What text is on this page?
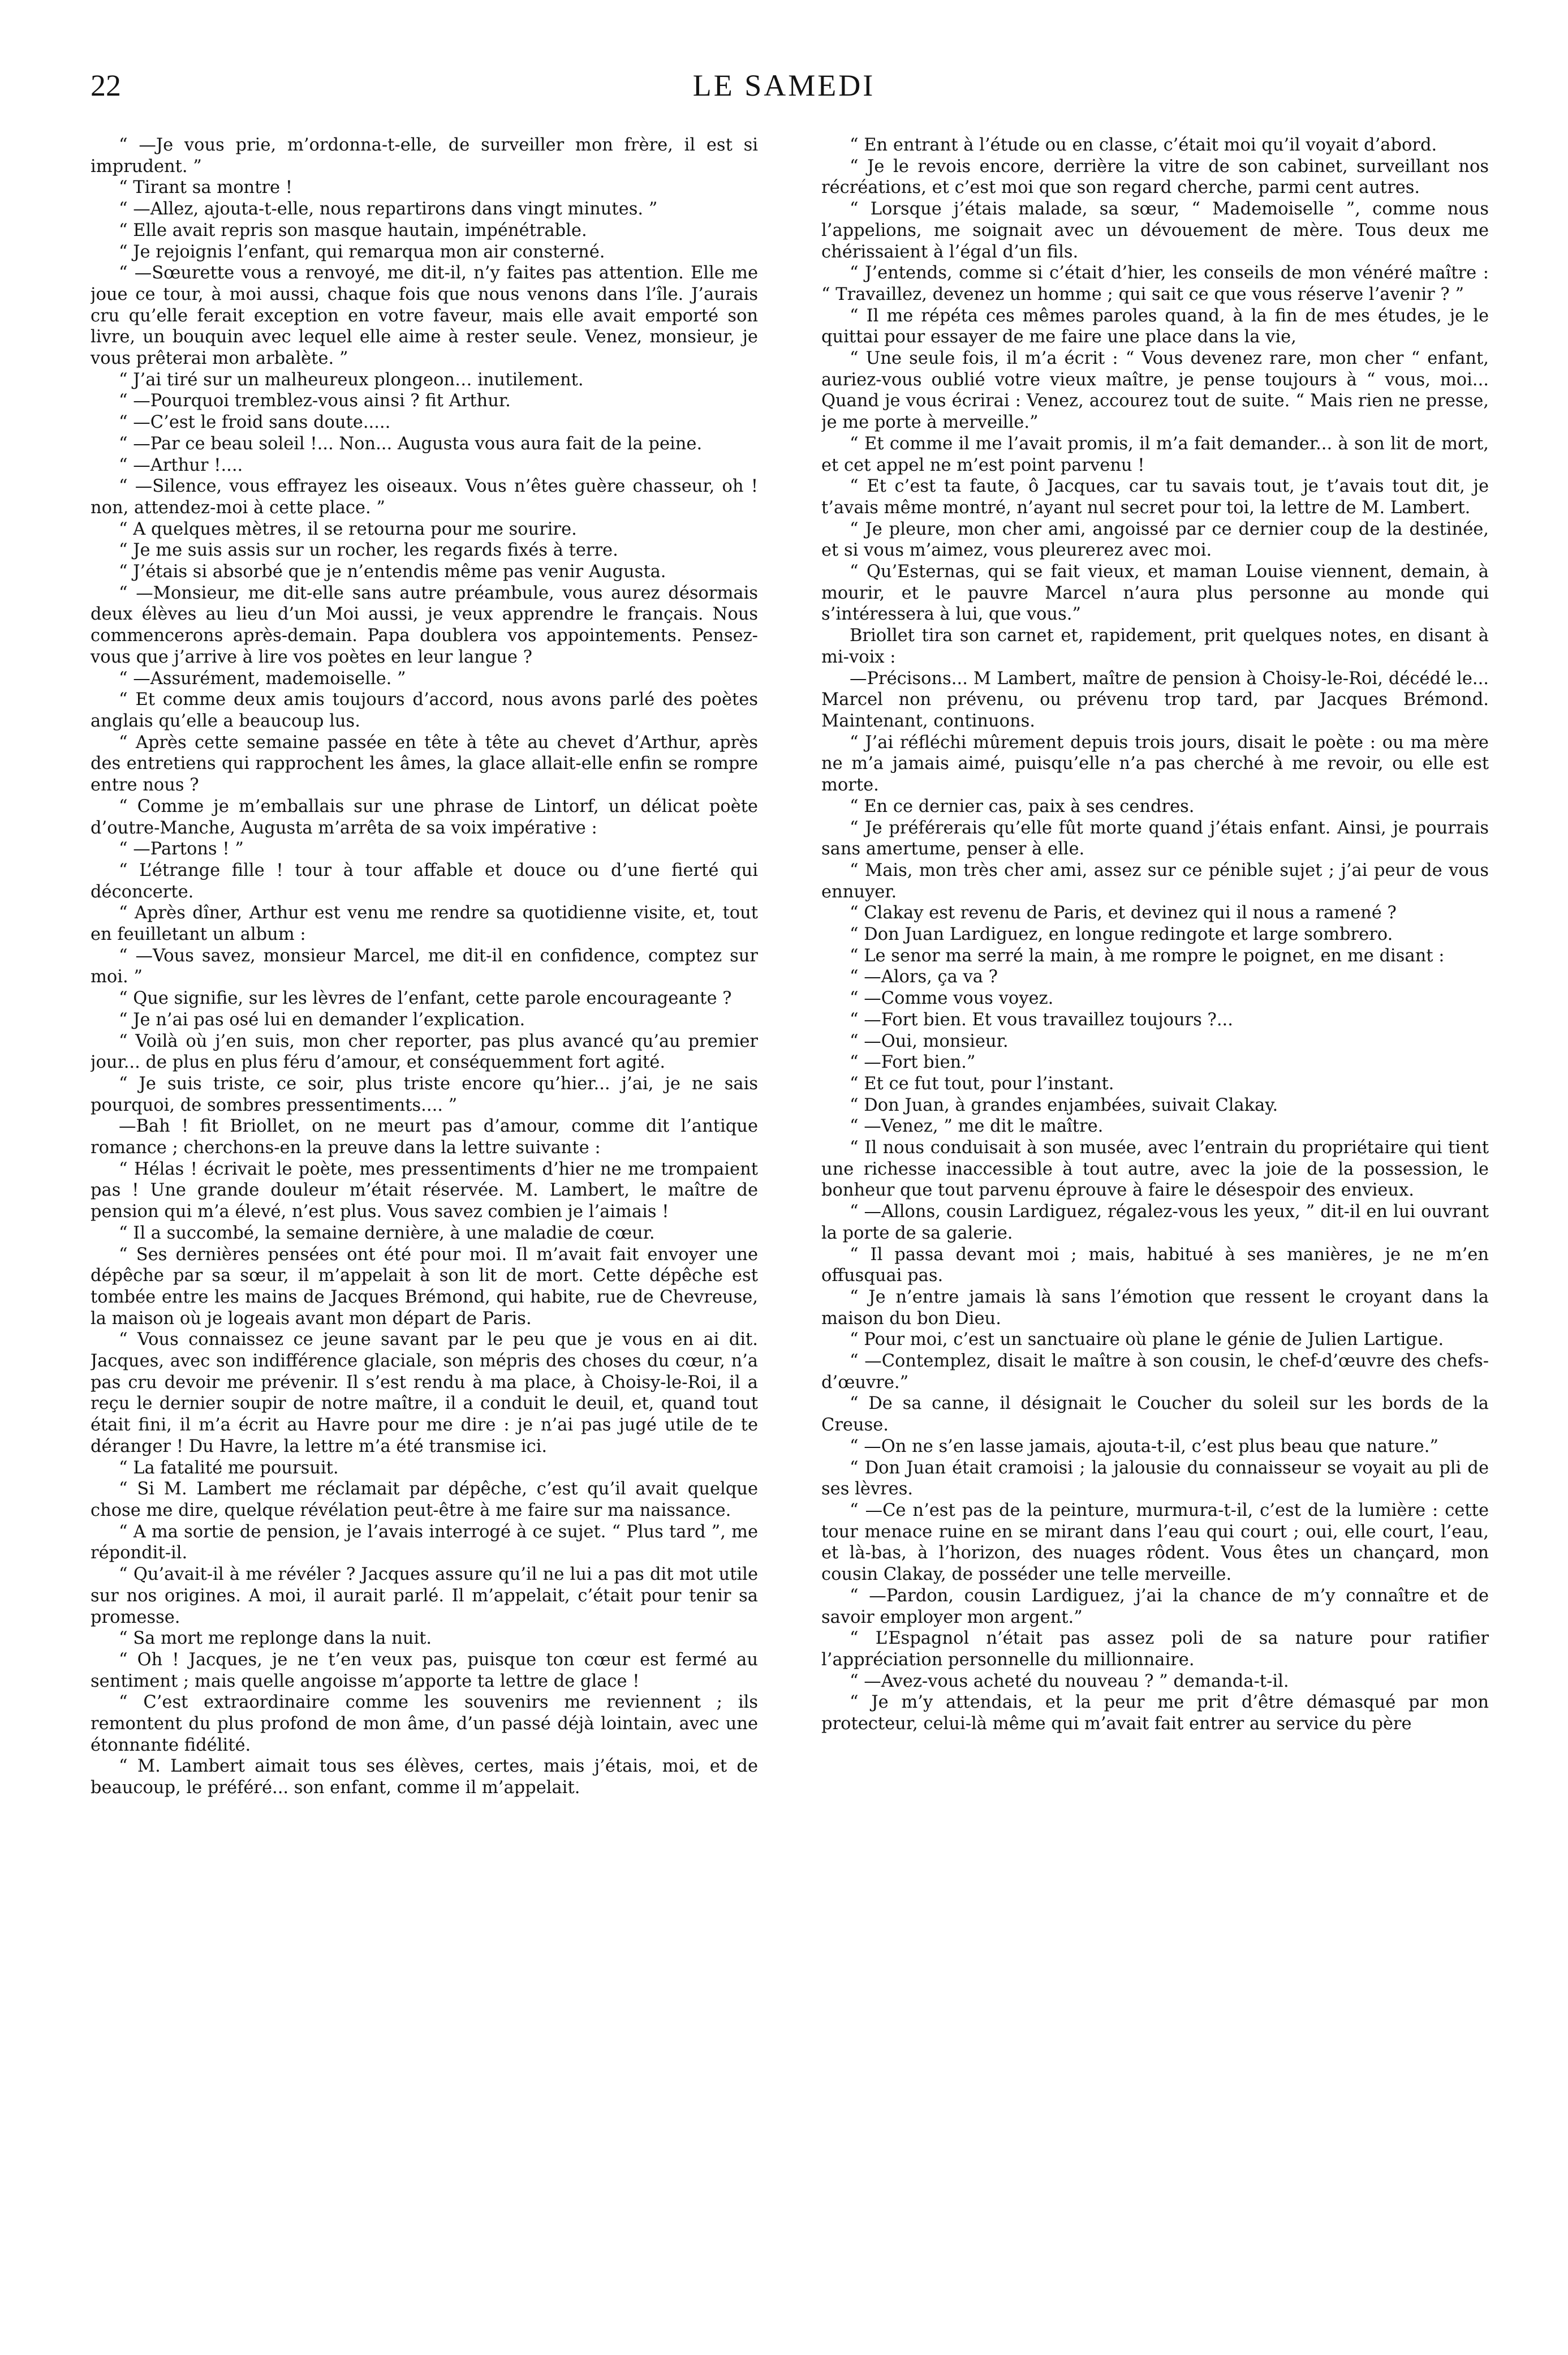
22	LE SAMEDI

“ —Je vous prie, m’ordonna-t-elle, de surveiller mon frère, il est si imprudent. ”

“ Tirant sa montre !

“ —Allez, ajouta-t-elle, nous repartirons dans vingt minutes. ”

“ Elle avait repris son masque hautain, impénétrable.

“ Je rejoignis l’enfant, qui remarqua mon air consterné.

“ —Sœurette vous a renvoyé, me dit-il, n’y faites pas attention. Elle me joue ce tour, à moi aussi, chaque fois que nous venons dans l’île. J’aurais cru qu’elle ferait exception en votre faveur, mais elle avait emporté son livre, un bouquin avec lequel elle aime à rester seule. Venez, monsieur, je vous prêterai mon arbalète. ”

“ J’ai tiré sur un malheureux plongeon… inutilement.

“ —Pourquoi tremblez-vous ainsi ? fit Arthur.

“ —C’est le froid sans doute.....

“ —Par ce beau soleil !... Non... Augusta vous aura fait de la peine.

“ —Arthur !....

“ —Silence, vous effrayez les oiseaux. Vous n’êtes guère chasseur, oh ! non, attendez-moi à cette place. ”

“ A quelques mètres, il se retourna pour me sourire.

“ Je me suis assis sur un rocher, les regards fixés à terre.

“ J’étais si absorbé que je n’entendis même pas venir Augusta.

“ —Monsieur, me dit-elle sans autre préambule, vous aurez désormais deux élèves au lieu d’un Moi aussi, je veux apprendre le français. Nous commencerons après-demain. Papa doublera vos appointements. Pensez-vous que j’arrive à lire vos poètes en leur langue ?

“ —Assurément, mademoiselle. ”

“ Et comme deux amis toujours d’accord, nous avons parlé des poètes anglais qu’elle a beaucoup lus.

“ Après cette semaine passée en tête à tête au chevet d’Arthur, après des entretiens qui rapprochent les âmes, la glace allait-elle enfin se rompre entre nous ?

“ Comme je m’emballais sur une phrase de Lintorf, un délicat poète d’outre-Manche, Augusta m’arrêta de sa voix impérative :

“ —Partons ! ”

“ L’étrange fille ! tour à tour affable et douce ou d’une fierté qui déconcerte.

“ Après dîner, Arthur est venu me rendre sa quotidienne visite, et, tout en feuilletant un album :

“ —Vous savez, monsieur Marcel, me dit-il en confidence, comptez sur moi. ”

“ Que signifie, sur les lèvres de l’enfant, cette parole encourageante ?

“ Je n’ai pas osé lui en demander l’explication.

“ Voilà où j’en suis, mon cher reporter, pas plus avancé qu’au premier jour... de plus en plus féru d’amour, et conséquemment fort agité.

“ Je suis triste, ce soir, plus triste encore qu’hier... j’ai, je ne sais pourquoi, de sombres pressentiments.... ”

—Bah ! fit Briollet, on ne meurt pas d’amour, comme dit l’antique romance ; cherchons-en la preuve dans la lettre suivante :

“ Hélas ! écrivait le poète, mes pressentiments d’hier ne me trompaient pas ! Une grande douleur m’était réservée. M. Lambert, le maître de pension qui m’a élevé, n’est plus. Vous savez combien je l’aimais !

“ Il a succombé, la semaine dernière, à une maladie de cœur.

“ Ses dernières pensées ont été pour moi. Il m’avait fait envoyer une dépêche par sa sœur, il m’appelait à son lit de mort. Cette dépêche est tombée entre les mains de Jacques Brémond, qui habite, rue de Chevreuse, la maison où je logeais avant mon départ de Paris.

“ Vous connaissez ce jeune savant par le peu que je vous en ai dit. Jacques, avec son indifférence glaciale, son mépris des choses du cœur, n’a pas cru devoir me prévenir. Il s’est rendu à ma place, à Choisy-le-Roi, il a reçu le dernier soupir de notre maître, il a conduit le deuil, et, quand tout était fini, il m’a écrit au Havre pour me dire : je n’ai pas jugé utile de te déranger ! Du Havre, la lettre m’a été transmise ici.

“ La fatalité me poursuit.

“ Si M. Lambert me réclamait par dépêche, c’est qu’il avait quelque chose me dire, quelque révélation peut-être à me faire sur ma naissance.

“ A ma sortie de pension, je l’avais interrogé à ce sujet. “ Plus tard ”, me répondit-il.

“ Qu’avait-il à me révéler ? Jacques assure qu’il ne lui a pas dit mot utile sur nos origines. A moi, il aurait parlé. Il m’appelait, c’était pour tenir sa promesse.

“ Sa mort me replonge dans la nuit.

“ Oh ! Jacques, je ne t’en veux pas, puisque ton cœur est fermé au sentiment ; mais quelle angoisse m’apporte ta lettre de glace !

“ C’est extraordinaire comme les souvenirs me reviennent ; ils remontent du plus profond de mon âme, d’un passé déjà lointain, avec une étonnante fidélité.

“ M. Lambert aimait tous ses élèves, certes, mais j’étais, moi, et de beaucoup, le préféré... son enfant, comme il m’appelait.

“ En entrant à l’étude ou en classe, c’était moi qu’il voyait d’abord.

“ Je le revois encore, derrière la vitre de son cabinet, surveillant nos récréations, et c’est moi que son regard cherche, parmi cent autres.

“ Lorsque j’étais malade, sa sœur, “ Mademoiselle ”, comme nous l’appelions, me soignait avec un dévouement de mère. Tous deux me chérissaient à l’égal d’un fils.

“ J’entends, comme si c’était d’hier, les conseils de mon vénéré maître : “ Travaillez, devenez un homme ; qui sait ce que vous réserve l’avenir ? ”

“ Il me répéta ces mêmes paroles quand, à la fin de mes études, je le quittai pour essayer de me faire une place dans la vie,

“ Une seule fois, il m’a écrit : “ Vous devenez rare, mon cher “ enfant, auriez-vous oublié votre vieux maître, je pense toujours à “ vous, moi... Quand je vous écrirai : Venez, accourez tout de suite. “ Mais rien ne presse, je me porte à merveille.”

“ Et comme il me l’avait promis, il m’a fait demander... à son lit de mort, et cet appel ne m’est point parvenu !

“ Et c’est ta faute, ô Jacques, car tu savais tout, je t’avais tout dit, je t’avais même montré, n’ayant nul secret pour toi, la lettre de M. Lambert.

“ Je pleure, mon cher ami, angoissé par ce dernier coup de la destinée, et si vous m’aimez, vous pleurerez avec moi.

“ Qu’Esternas, qui se fait vieux, et maman Louise viennent, demain, à mourir, et le pauvre Marcel n’aura plus personne au monde qui s’intéressera à lui, que vous.”

Briollet tira son carnet et, rapidement, prit quelques notes, en disant à mi-voix :

—Précisons... M Lambert, maître de pension à Choisy-le-Roi, décédé le... Marcel non prévenu, ou prévenu trop tard, par Jacques Brémond. Maintenant, continuons.

“ J’ai réfléchi mûrement depuis trois jours, disait le poète : ou ma mère ne m’a jamais aimé, puisqu’elle n’a pas cherché à me revoir, ou elle est morte.

“ En ce dernier cas, paix à ses cendres.

“ Je préférerais qu’elle fût morte quand j’étais enfant. Ainsi, je pourrais sans amertume, penser à elle.

“ Mais, mon très cher ami, assez sur ce pénible sujet ; j’ai peur de vous ennuyer.

“ Clakay est revenu de Paris, et devinez qui il nous a ramené ?

“ Don Juan Lardiguez, en longue redingote et large sombrero.

“ Le senor ma serré la main, à me rompre le poignet, en me disant :

“ —Alors, ça va ?

“ —Comme vous voyez.

“ —Fort bien. Et vous travaillez toujours ?...

“ —Oui, monsieur.

“ —Fort bien.”

“ Et ce fut tout, pour l’instant.

“ Don Juan, à grandes enjambées, suivait Clakay.

“ —Venez, ” me dit le maître.

“ Il nous conduisait à son musée, avec l’entrain du propriétaire qui tient une richesse inaccessible à tout autre, avec la joie de la possession, le bonheur que tout parvenu éprouve à faire le désespoir des envieux.

“ —Allons, cousin Lardiguez, régalez-vous les yeux, ” dit-il en lui ouvrant la porte de sa galerie.

“ Il passa devant moi ; mais, habitué à ses manières, je ne m’en offusquai pas.

“ Je n’entre jamais là sans l’émotion que ressent le croyant dans la maison du bon Dieu.

“ Pour moi, c’est un sanctuaire où plane le génie de Julien Lartigue.

“ —Contemplez, disait le maître à son cousin, le chef-d’œuvre des chefs-d’œuvre.”

“ De sa canne, il désignait le Coucher du soleil sur les bords de la Creuse.

“ —On ne s’en lasse jamais, ajouta-t-il, c’est plus beau que nature.”

“ Don Juan était cramoisi ; la jalousie du connaisseur se voyait au pli de ses lèvres.

“ —Ce n’est pas de la peinture, murmura-t-il, c’est de la lumière : cette tour menace ruine en se mirant dans l’eau qui court ; oui, elle court, l’eau, et là-bas, à l’horizon, des nuages rôdent. Vous êtes un chançard, mon cousin Clakay, de posséder une telle merveille.

“ —Pardon, cousin Lardiguez, j’ai la chance de m’y connaître et de savoir employer mon argent.”

“ L’Espagnol n’était pas assez poli de sa nature pour ratifier l’appréciation personnelle du millionnaire.

“ —Avez-vous acheté du nouveau ? ” demanda-t-il.

“ Je m’y attendais, et la peur me prit d’être démasqué par mon protecteur, celui-là même qui m’avait fait entrer au service du père
